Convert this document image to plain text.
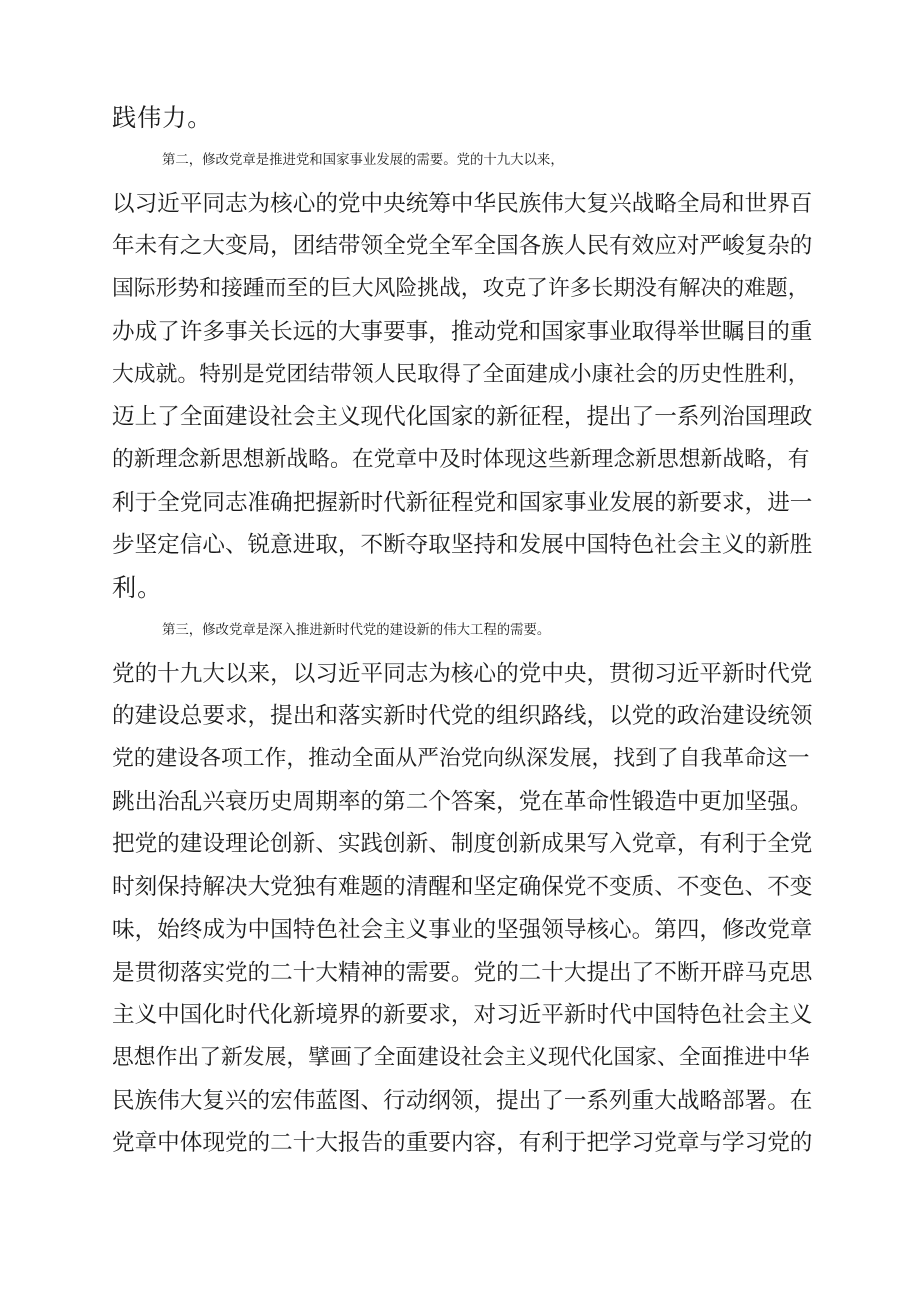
践伟力。
第二，修改党章是推进党和国家事业发展的需要。党的十九大以来，
以习近平同志为核心的党中央统筹中华民族伟大复兴战略全局和世界百
年未有之大变局，团结带领全党全军全国各族人民有效应对严峻复杂的
国际形势和接踵而至的巨大风险挑战，攻克了许多长期没有解决的难题，
办成了许多事关长远的大事要事，推动党和国家事业取得举世瞩目的重
大成就。特别是党团结带领人民取得了全面建成小康社会的历史性胜利，
迈上了全面建设社会主义现代化国家的新征程，提出了一系列治国理政
的新理念新思想新战略。在党章中及时体现这些新理念新思想新战略，有
利于全党同志准确把握新时代新征程党和国家事业发展的新要求，进一
步坚定信心、锐意进取，不断夺取坚持和发展中国特色社会主义的新胜
利。
第三，修改党章是深入推进新时代党的建设新的伟大工程的需要。
党的十九大以来，以习近平同志为核心的党中央，贯彻习近平新时代党
的建设总要求，提出和落实新时代党的组织路线，以党的政治建设统领
党的建设各项工作，推动全面从严治党向纵深发展，找到了自我革命这一
跳出治乱兴衰历史周期率的第二个答案，党在革命性锻造中更加坚强。
把党的建设理论创新、实践创新、制度创新成果写入党章，有利于全党
时刻保持解决大党独有难题的清醒和坚定确保党不变质、不变色、不变
味，始终成为中国特色社会主义事业的坚强领导核心。第四，修改党章
是贯彻落实党的二十大精神的需要。党的二十大提出了不断开辟马克思
主义中国化时代化新境界的新要求，对习近平新时代中国特色社会主义
思想作出了新发展，擘画了全面建设社会主义现代化国家、全面推进中华
民族伟大复兴的宏伟蓝图、行动纲领，提出了一系列重大战略部署。在
党章中体现党的二十大报告的重要内容，有利于把学习党章与学习党的
